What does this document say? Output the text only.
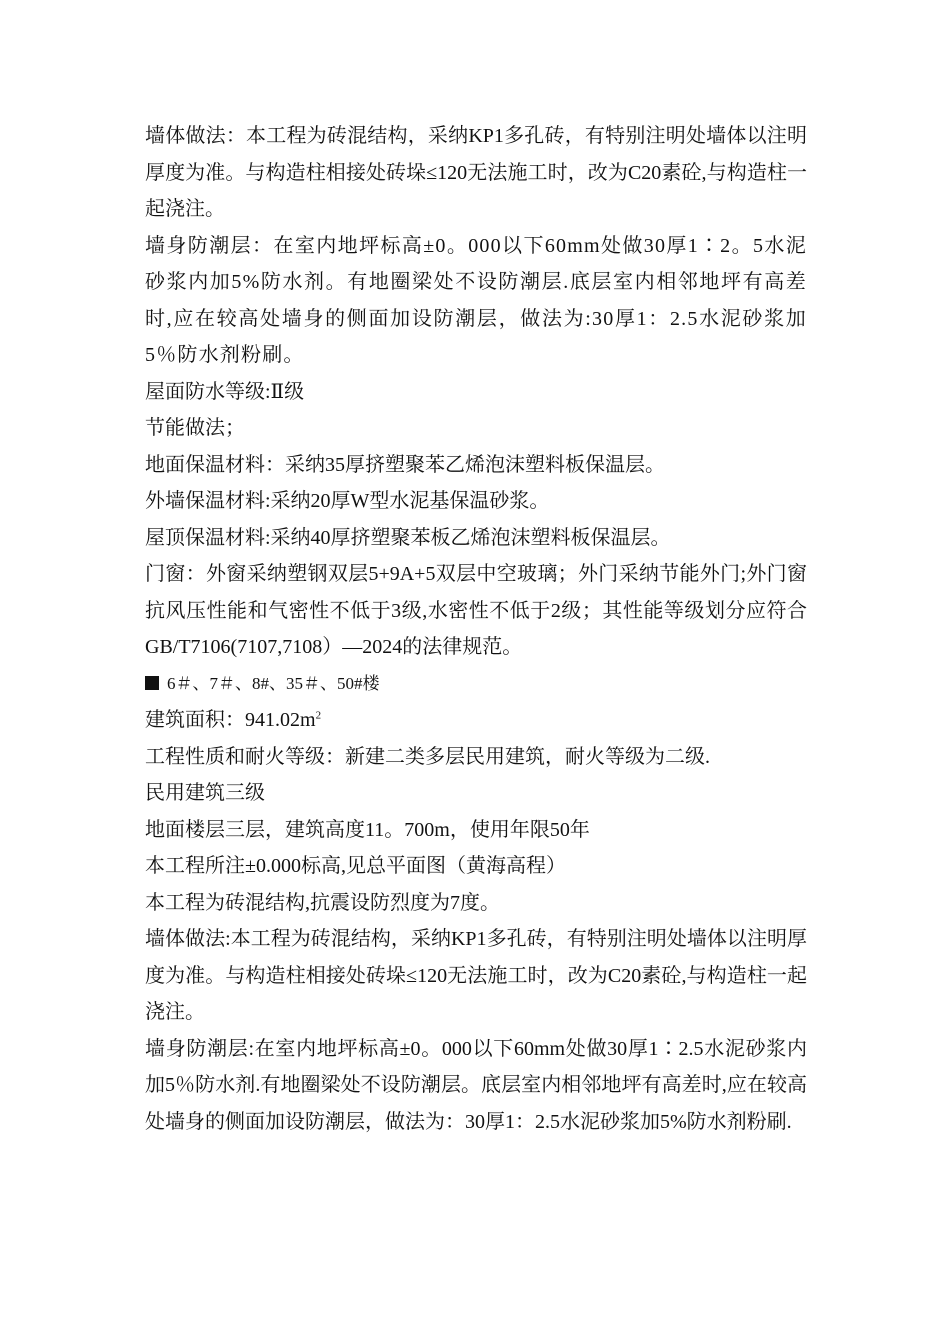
墙体做法：本工程为砖混结构，采纳KP1多孔砖，有特别注明处墙体以注明厚度为准。与构造柱相接处砖垛≤120无法施工时，改为C20素砼,与构造柱一起浇注。

墙身防潮层：在室内地坪标高±0。000以下60mm处做30厚1∶2。5水泥砂浆内加5%防水剂。有地圈梁处不设防潮层.底层室内相邻地坪有高差时,应在较高处墙身的侧面加设防潮层，做法为:30厚1：2.5水泥砂浆加5％防水剂粉刷。

屋面防水等级:Ⅱ级

节能做法；

地面保温材料：采纳35厚挤塑聚苯乙烯泡沫塑料板保温层。

外墙保温材料:采纳20厚W型水泥基保温砂浆。

屋顶保温材料:采纳40厚挤塑聚苯板乙烯泡沫塑料板保温层。

门窗：外窗采纳塑钢双层5+9A+5双层中空玻璃；外门采纳节能外门;外门窗抗风压性能和气密性不低于3级,水密性不低于2级；其性能等级划分应符合GB/T7106(7107,7108）—2024的法律规范。

6＃、7＃、8#、35＃、50#楼

建筑面积：$941.02m^2$

工程性质和耐火等级：新建二类多层民用建筑，耐火等级为二级.

民用建筑三级

地面楼层三层，建筑高度11。700m，使用年限50年

本工程所注±0.000标高,见总平面图（黄海高程）

本工程为砖混结构,抗震设防烈度为7度。

墙体做法:本工程为砖混结构，采纳KP1多孔砖，有特别注明处墙体以注明厚度为准。与构造柱相接处砖垛≤120无法施工时，改为C20素砼,与构造柱一起浇注。

墙身防潮层:在室内地坪标高±0。000以下60mm处做30厚1∶2.5水泥砂浆内加5％防水剂.有地圈梁处不设防潮层。底层室内相邻地坪有高差时,应在较高处墙身的侧面加设防潮层，做法为：30厚1：2.5水泥砂浆加5%防水剂粉刷.
